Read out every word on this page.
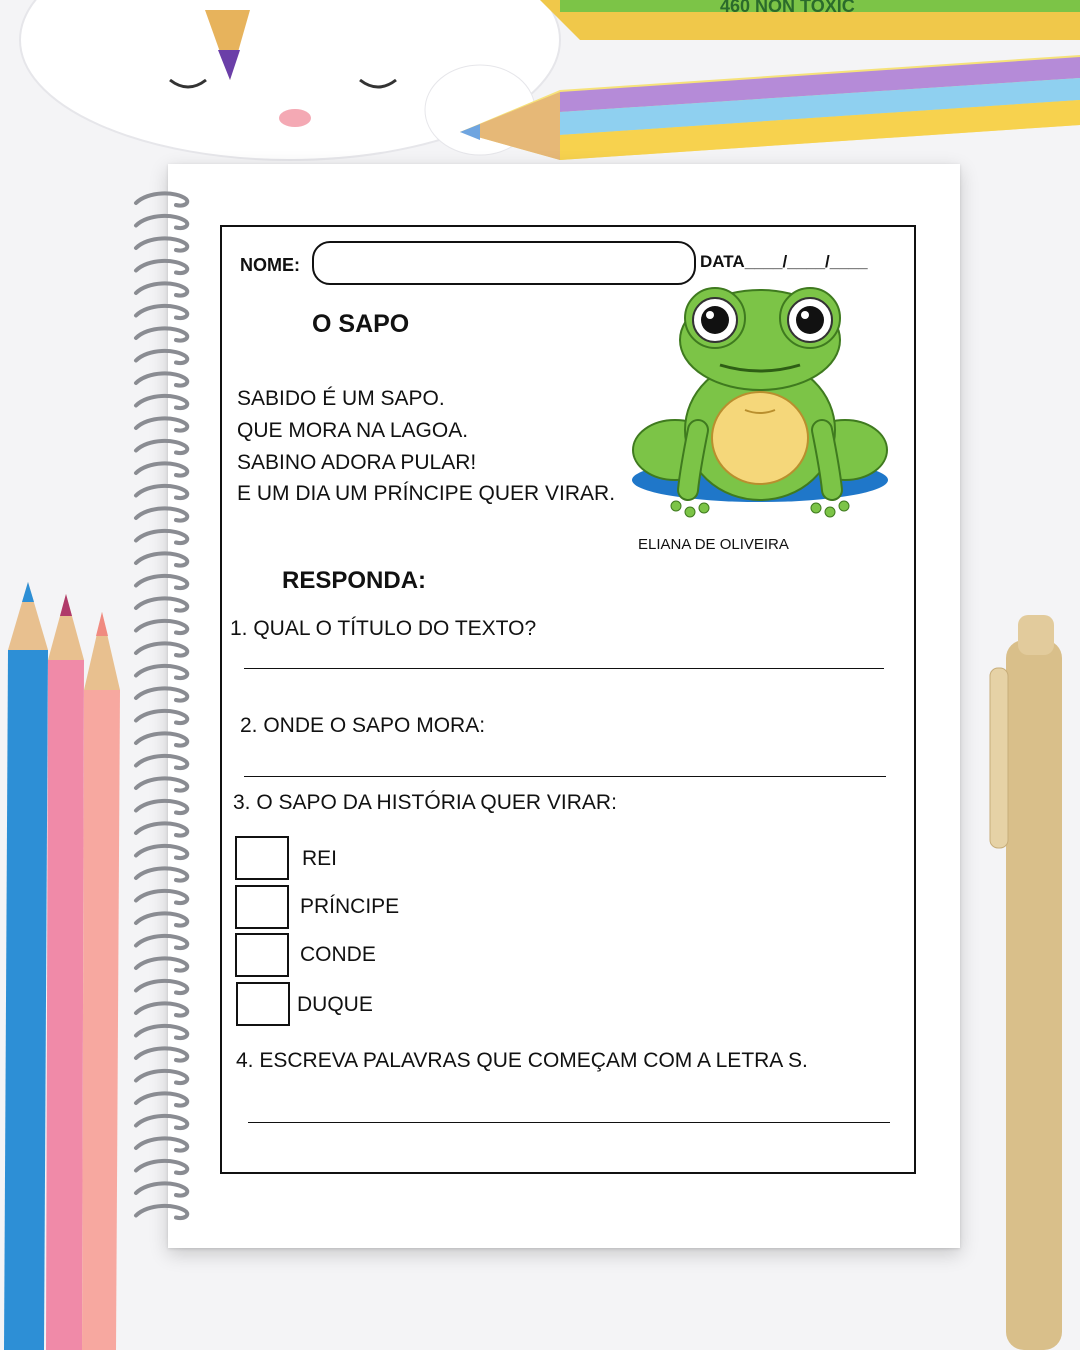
460 NON TOXIC
NOME:	DATA____/____/____
O SAPO
SABIDO É UM SAPO.
QUE MORA NA LAGOA.
SABINO ADORA PULAR!
E UM DIA UM PRÍNCIPE QUER VIRAR.
ELIANA DE OLIVEIRA
RESPONDA:
1. QUAL O TÍTULO DO TEXTO?
2. ONDE O SAPO MORA:
3. O SAPO DA HISTÓRIA QUER VIRAR:
REI
PRÍNCIPE
CONDE
DUQUE
4. ESCREVA PALAVRAS QUE COMEÇAM COM A LETRA S.
